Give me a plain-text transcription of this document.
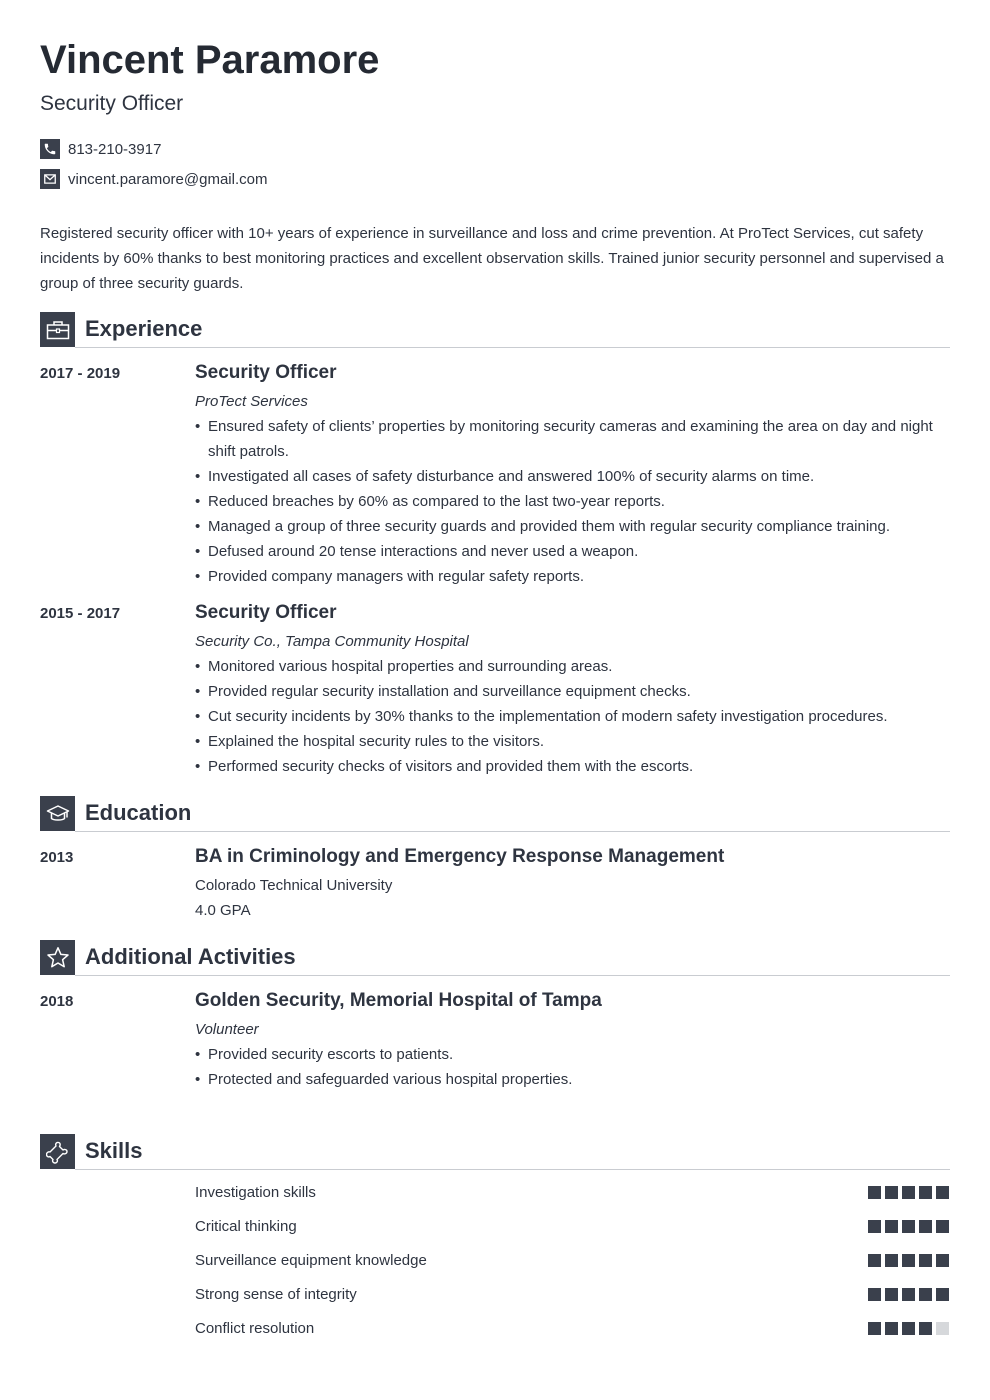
Vincent Paramore
Security Officer
813-210-3917
vincent.paramore@gmail.com
Registered security officer with 10+ years of experience in surveillance and loss and crime prevention. At ProTect Services, cut safety incidents by 60% thanks to best monitoring practices and excellent observation skills. Trained junior security personnel and supervised a group of three security guards.
Experience
2017 - 2019	Security Officer
ProTect Services
• Ensured safety of clients’ properties by monitoring security cameras and examining the area on day and night shift patrols.
• Investigated all cases of safety disturbance and answered 100% of security alarms on time.
• Reduced breaches by 60% as compared to the last two-year reports.
• Managed a group of three security guards and provided them with regular security compliance training.
• Defused around 20 tense interactions and never used a weapon.
• Provided company managers with regular safety reports.
2015 - 2017	Security Officer
Security Co., Tampa Community Hospital
• Monitored various hospital properties and surrounding areas.
• Provided regular security installation and surveillance equipment checks.
• Cut security incidents by 30% thanks to the implementation of modern safety investigation procedures.
• Explained the hospital security rules to the visitors.
• Performed security checks of visitors and provided them with the escorts.
Education
2013	BA in Criminology and Emergency Response Management
Colorado Technical University
4.0 GPA
Additional Activities
2018	Golden Security, Memorial Hospital of Tampa
Volunteer
• Provided security escorts to patients.
• Protected and safeguarded various hospital properties.
Skills
Investigation skills
Critical thinking
Surveillance equipment knowledge
Strong sense of integrity
Conflict resolution
